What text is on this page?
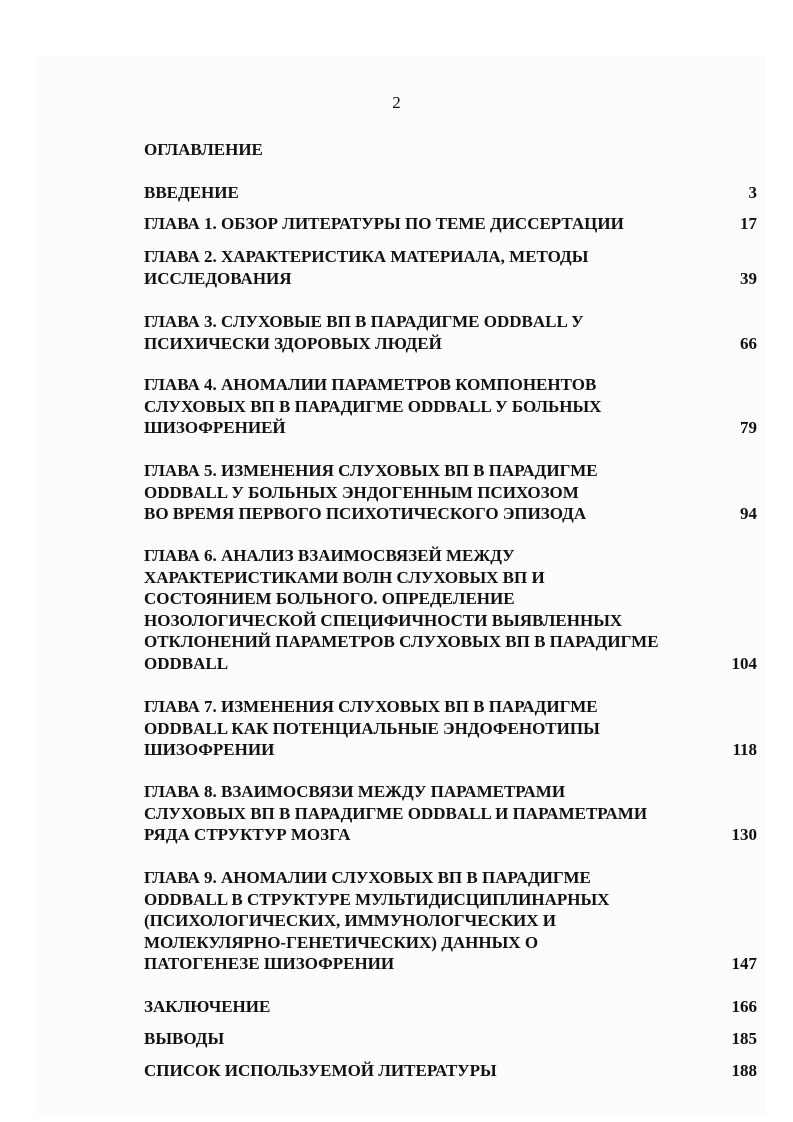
2
ОГЛАВЛЕНИЕ
ВВЕДЕНИЕ	3
ГЛАВА 1. ОБЗОР ЛИТЕРАТУРЫ ПО ТЕМЕ ДИССЕРТАЦИИ	17
ГЛАВА 2. ХАРАКТЕРИСТИКА МАТЕРИАЛА, МЕТОДЫ
ИССЛЕДОВАНИЯ	39
ГЛАВА 3. СЛУХОВЫЕ ВП В ПАРАДИГМЕ ODDBALL У
ПСИХИЧЕСКИ ЗДОРОВЫХ ЛЮДЕЙ	66
ГЛАВА 4. АНОМАЛИИ ПАРАМЕТРОВ КОМПОНЕНТОВ
СЛУХОВЫХ ВП В ПАРАДИГМЕ ODDBALL У БОЛЬНЫХ
ШИЗОФРЕНИЕЙ	79
ГЛАВА 5. ИЗМЕНЕНИЯ СЛУХОВЫХ ВП В ПАРАДИГМЕ
ODDBALL У БОЛЬНЫХ ЭНДОГЕННЫМ ПСИХОЗОМ
ВО ВРЕМЯ ПЕРВОГО ПСИХОТИЧЕСКОГО ЭПИЗОДА	94
ГЛАВА 6. АНАЛИЗ ВЗАИМОСВЯЗЕЙ МЕЖДУ
ХАРАКТЕРИСТИКАМИ ВОЛН СЛУХОВЫХ ВП И
СОСТОЯНИЕМ БОЛЬНОГО. ОПРЕДЕЛЕНИЕ
НОЗОЛОГИЧЕСКОЙ СПЕЦИФИЧНОСТИ ВЫЯВЛЕННЫХ
ОТКЛОНЕНИЙ ПАРАМЕТРОВ СЛУХОВЫХ ВП В ПАРАДИГМЕ
ODDBALL	104
ГЛАВА 7. ИЗМЕНЕНИЯ СЛУХОВЫХ ВП В ПАРАДИГМЕ
ODDBALL КАК ПОТЕНЦИАЛЬНЫЕ ЭНДОФЕНОТИПЫ
ШИЗОФРЕНИИ	118
ГЛАВА 8. ВЗАИМОСВЯЗИ МЕЖДУ ПАРАМЕТРАМИ
СЛУХОВЫХ ВП В ПАРАДИГМЕ ODDBALL И ПАРАМЕТРАМИ
РЯДА СТРУКТУР МОЗГА	130
ГЛАВА 9. АНОМАЛИИ СЛУХОВЫХ ВП В ПАРАДИГМЕ
ODDBALL В СТРУКТУРЕ МУЛЬТИДИСЦИПЛИНАРНЫХ
(ПСИХОЛОГИЧЕСКИХ, ИММУНОЛОГЧЕСКИХ И
МОЛЕКУЛЯРНО-ГЕНЕТИЧЕСКИХ) ДАННЫХ О
ПАТОГЕНЕЗЕ ШИЗОФРЕНИИ	147
ЗАКЛЮЧЕНИЕ	166
ВЫВОДЫ	185
СПИСОК ИСПОЛЬЗУЕМОЙ ЛИТЕРАТУРЫ	188
